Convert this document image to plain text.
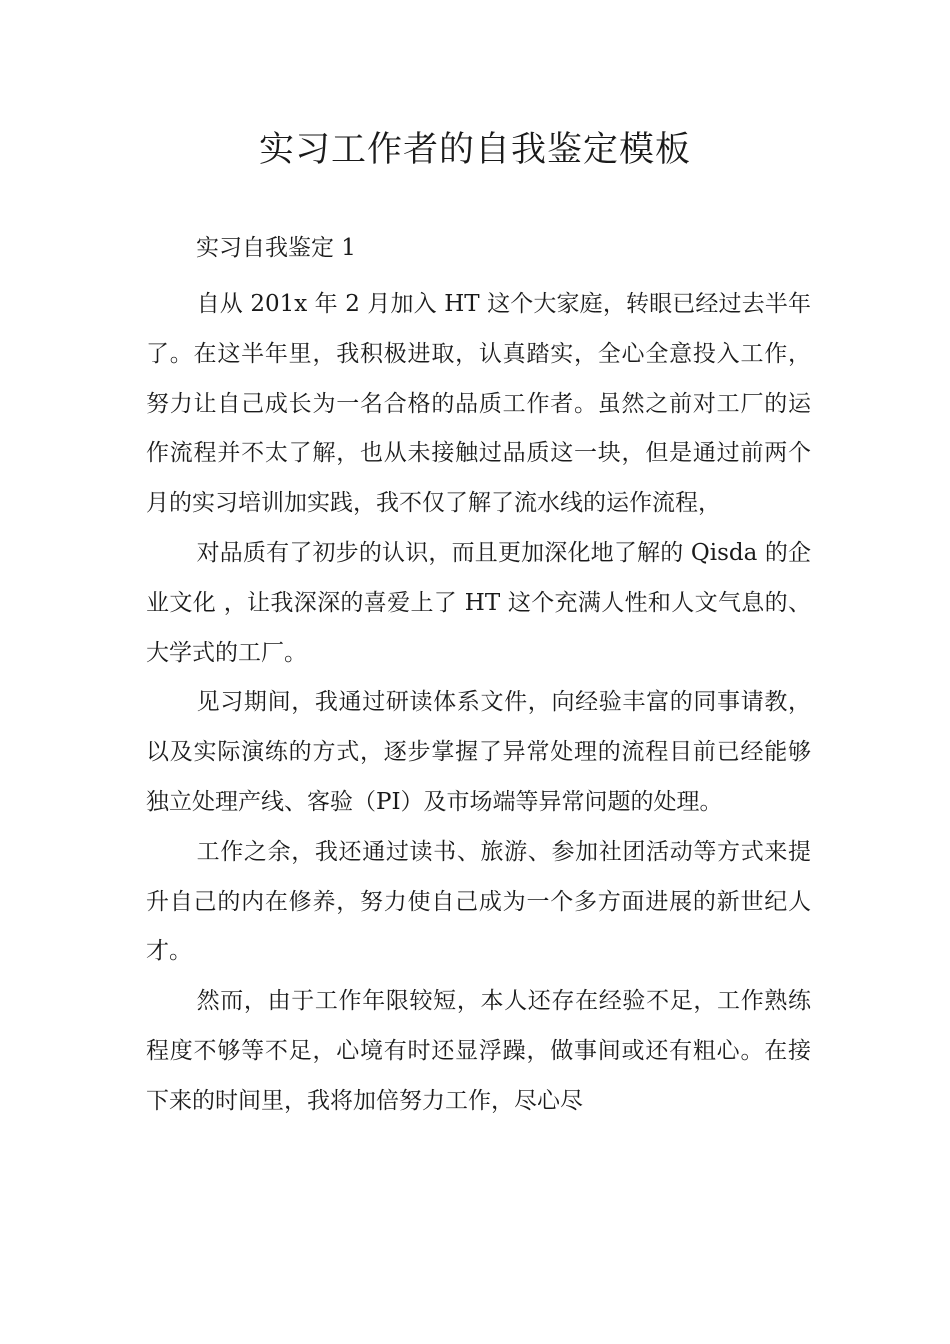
实习工作者的自我鉴定模板
实习自我鉴定 1

自从 201x 年 2 月加入 HT 这个大家庭，转眼已经过去半年了。在这半年里，我积极进取，认真踏实，全心全意投入工作，努力让自己成长为一名合格的品质工作者。虽然之前对工厂的运作流程并不太了解，也从未接触过品质这一块，但是通过前两个月的实习培训加实践，我不仅了解了流水线的运作流程，

对品质有了初步的认识，而且更加深化地了解的 Qisda 的企业文化 ，让我深深的喜爱上了 HT 这个充满人性和人文气息的、大学式的工厂。

见习期间，我通过研读体系文件，向经验丰富的同事请教，以及实际演练的方式，逐步掌握了异常处理的流程目前已经能够独立处理产线、客验（PI）及市场端等异常问题的处理。

工作之余，我还通过读书、旅游、参加社团活动等方式来提升自己的内在修养，努力使自己成为一个多方面进展的新世纪人才。

然而，由于工作年限较短，本人还存在经验不足，工作熟练程度不够等不足，心境有时还显浮躁，做事间或还有粗心。在接下来的时间里，我将加倍努力工作，尽心尽
